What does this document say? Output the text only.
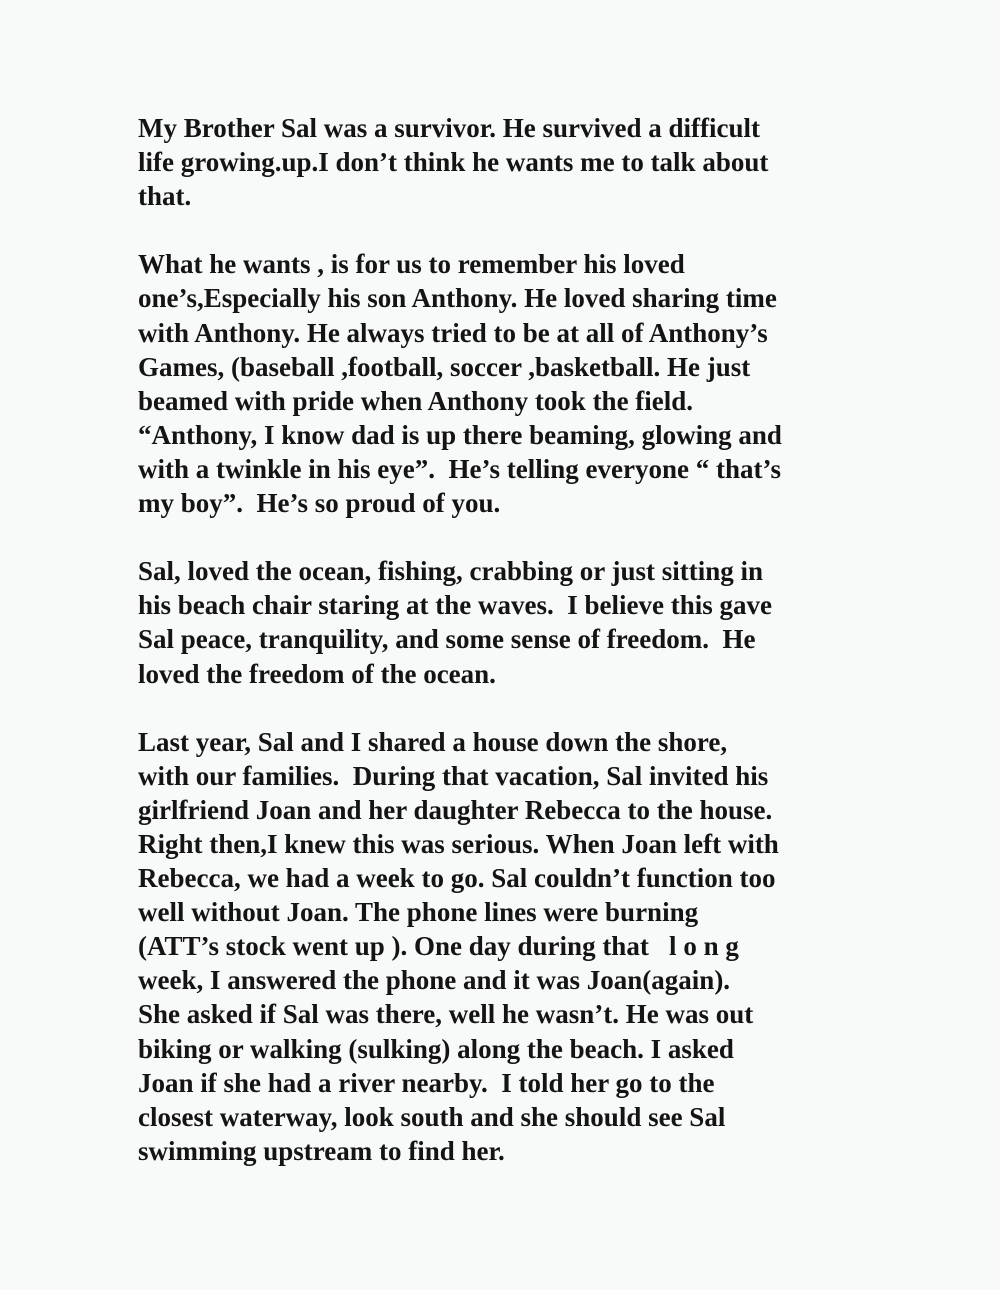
My Brother Sal was a survivor. He survived a difficult
life growing.up.I don’t think he wants me to talk about
that.

What he wants , is for us to remember his loved
one’s,Especially his son Anthony. He loved sharing time
with Anthony. He always tried to be at all of Anthony’s
Games, (baseball ,football, soccer ,basketball. He just
beamed with pride when Anthony took the field.
“Anthony, I know dad is up there beaming, glowing and
with a twinkle in his eye”.  He’s telling everyone “ that’s
my boy”.  He’s so proud of you.

Sal, loved the ocean, fishing, crabbing or just sitting in
his beach chair staring at the waves.  I believe this gave
Sal peace, tranquility, and some sense of freedom.  He
loved the freedom of the ocean.

Last year, Sal and I shared a house down the shore,
with our families.  During that vacation, Sal invited his
girlfriend Joan and her daughter Rebecca to the house.
Right then,I knew this was serious. When Joan left with
Rebecca, we had a week to go. Sal couldn’t function too
well without Joan. The phone lines were burning
(ATT’s stock went up ). One day during that   l o n g
week, I answered the phone and it was Joan(again).
She asked if Sal was there, well he wasn’t. He was out
biking or walking (sulking) along the beach. I asked
Joan if she had a river nearby.  I told her go to the
closest waterway, look south and she should see Sal
swimming upstream to find her.
